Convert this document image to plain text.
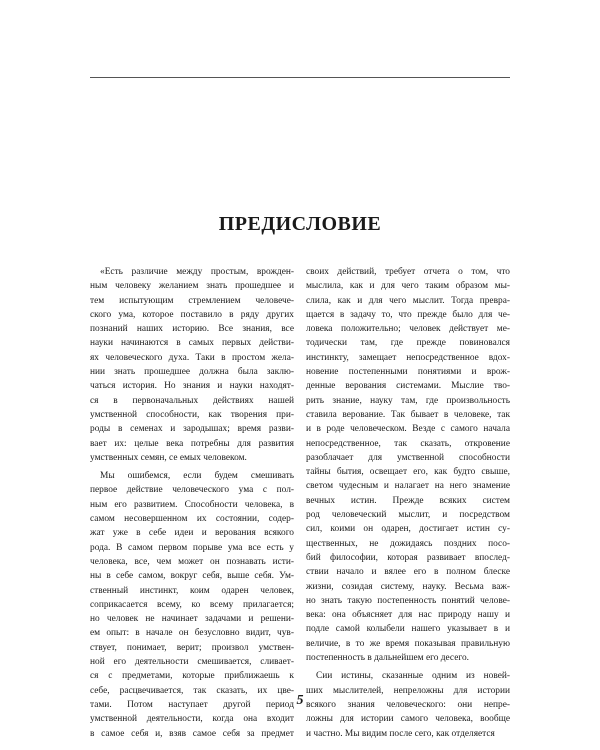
ПРЕДИСЛОВИЕ
«Есть различие между простым, врожден-
ным человеку желанием знать прошедшее и
тем испытующим стремлением человече-
ского ума, которое поставило в ряду других
познаний наших историю. Все знания, все
науки начинаются в самых первых действи-
ях человеческого духа. Таки в простом жела-
нии знать прошедшее должна была заклю-
чаться история. Но знания и науки находят-
ся в первоначальных действиях нашей
умственной способности, как творения при-
роды в семенах и зародышах; время разви-
вает их: целые века потребны для развития
умственных семян, се емых человеком.
Мы ошибемся, если будем смешивать
первое действие человеческого ума с пол-
ным его развитием. Способности человека, в
самом несовершенном их состоянии, содер-
жат уже в себе идеи и верования всякого
рода. В самом первом порыве ума все есть у
человека, все, чем может он познавать исти-
ны в себе самом, вокруг себя, выше себя. Ум-
ственный инстинкт, коим одарен человек,
соприкасается всему, ко всему прилагается;
но человек не начинает задачами и решени-
ем опыт: в начале он безусловно видит, чув-
ствует, понимает, верит; произвол умствен-
ной его деятельности смешивается, сливает-
ся с предметами, которые приближаешь к
себе, расцвечивается, так сказать, их цве-
тами. Потом наступает другой период
умственной деятельности, когда она входит
в самое себя и, взяв самое себя за предмет
своих действий, требует отчета о том, что
мыслила, как и для чего таким образом мы-
слила, как и для чего мыслит. Тогда превра-
щается в задачу то, что прежде было для че-
ловека положительно; человек действует ме-
тодически там, где прежде повиновался
инстинкту, замещает непосредственное вдох-
новение постепенными понятиями и врож-
денные верования системами. Мыслие тво-
рить знание, науку там, где произвольность
ставила верование. Так бывает в человеке, так
и в роде человеческом. Везде с самого начала
непосредственное, так сказать, откровение
разоблачает для умственной способности
тайны бытия, освещает его, как будто свыше,
светом чудесным и налагает на него знамение
вечных истин. Прежде всяких систем
род человеческий мыслит, и посредством
сил, коими он одарен, достигает истин су-
щественных, не дожидаясь поздних посо-
бий философии, которая развивает впослед-
ствии начало и вялее его в полном блеске
жизни, созидая систему, науку. Весьма важ-
но знать такую постепенность понятий челове-
века: она объясняет для нас природу нашу и
подле самой колыбели нашего указывает в и
величие, в то же время показывая правильную
постепенность в дальнейшем его десего.
Сии истины, сказанные одним из новей-
ших мыслителей, непреложны для истории
всякого знания человеческого: они непре-
ложны для истории самого человека, вообще
и частно. Мы видим после сего, как отделяется
5
